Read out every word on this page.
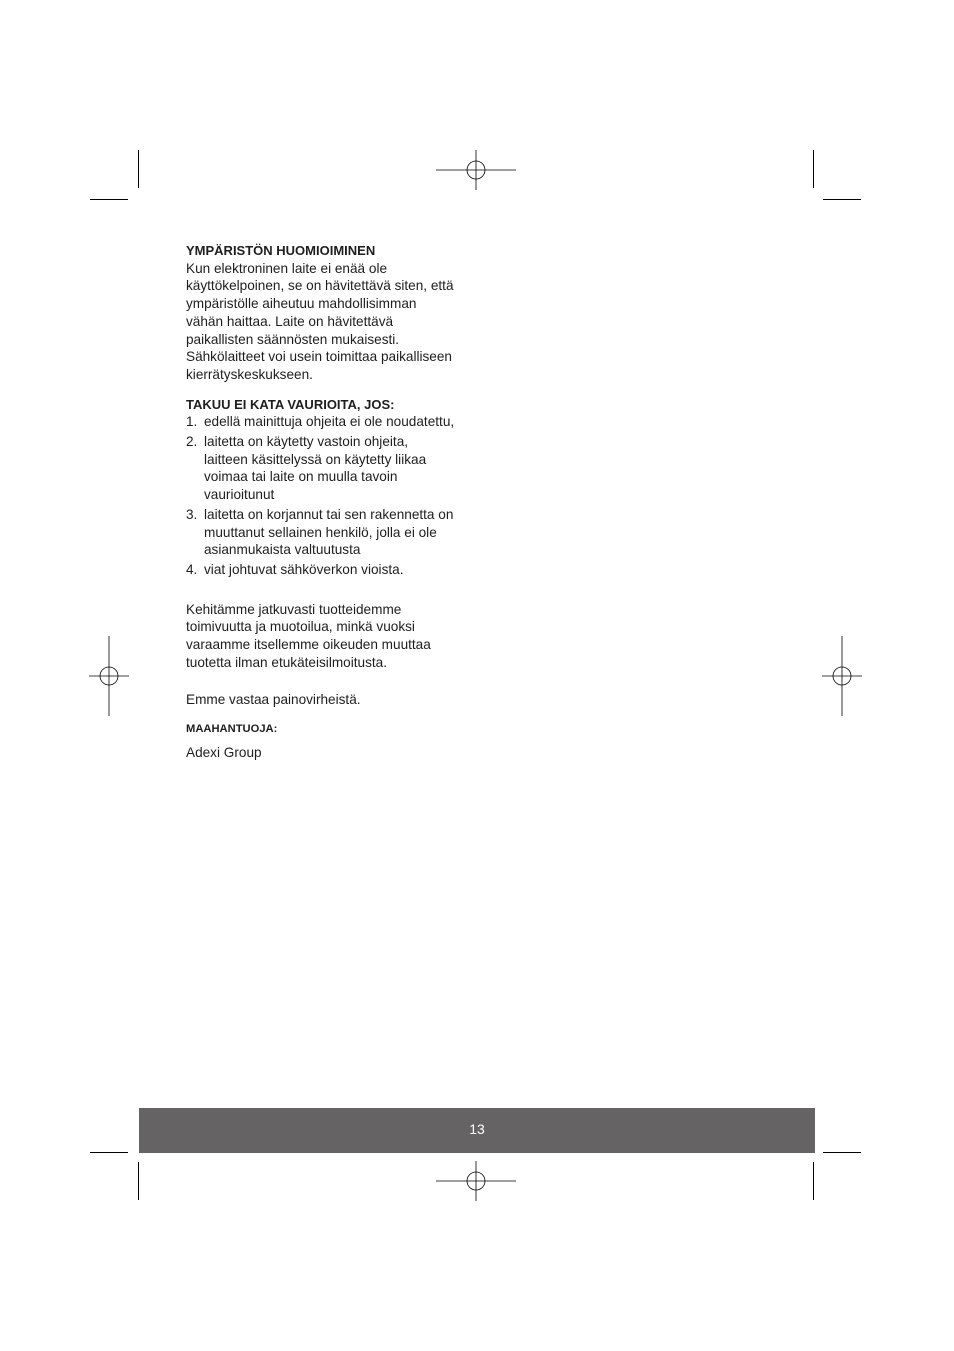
YMPÄRISTÖN HUOMIOIMINEN

Kun elektroninen laite ei enää ole

käyttökelpoinen, se on hävitettävä siten, että

ympäristölle aiheutuu mahdollisimman

vähän haittaa. Laite on hävitettävä

paikallisten säännösten mukaisesti.

Sähkölaitteet voi usein toimittaa paikalliseen

kierrätyskeskukseen.

TAKUU EI KATA VAURIOITA, JOS:

1. edellä mainittuja ohjeita ei ole noudatettu,
2. laitetta on käytetty vastoin ohjeita,
laitteen käsittelyssä on käytetty liikaa
voimaa tai laite on muulla tavoin
vaurioitunut
3. laitetta on korjannut tai sen rakennetta on
muuttanut sellainen henkilö, jolla ei ole
asianmukaista valtuutusta
4. viat johtuvat sähköverkon vioista.

Kehitämme jatkuvasti tuotteidemme

toimivuutta ja muotoilua, minkä vuoksi

varaamme itsellemme oikeuden muuttaa

tuotetta ilman etukäteisilmoitusta.

Emme vastaa painovirheistä.

MAAHANTUOJA:

Adexi Group

13
